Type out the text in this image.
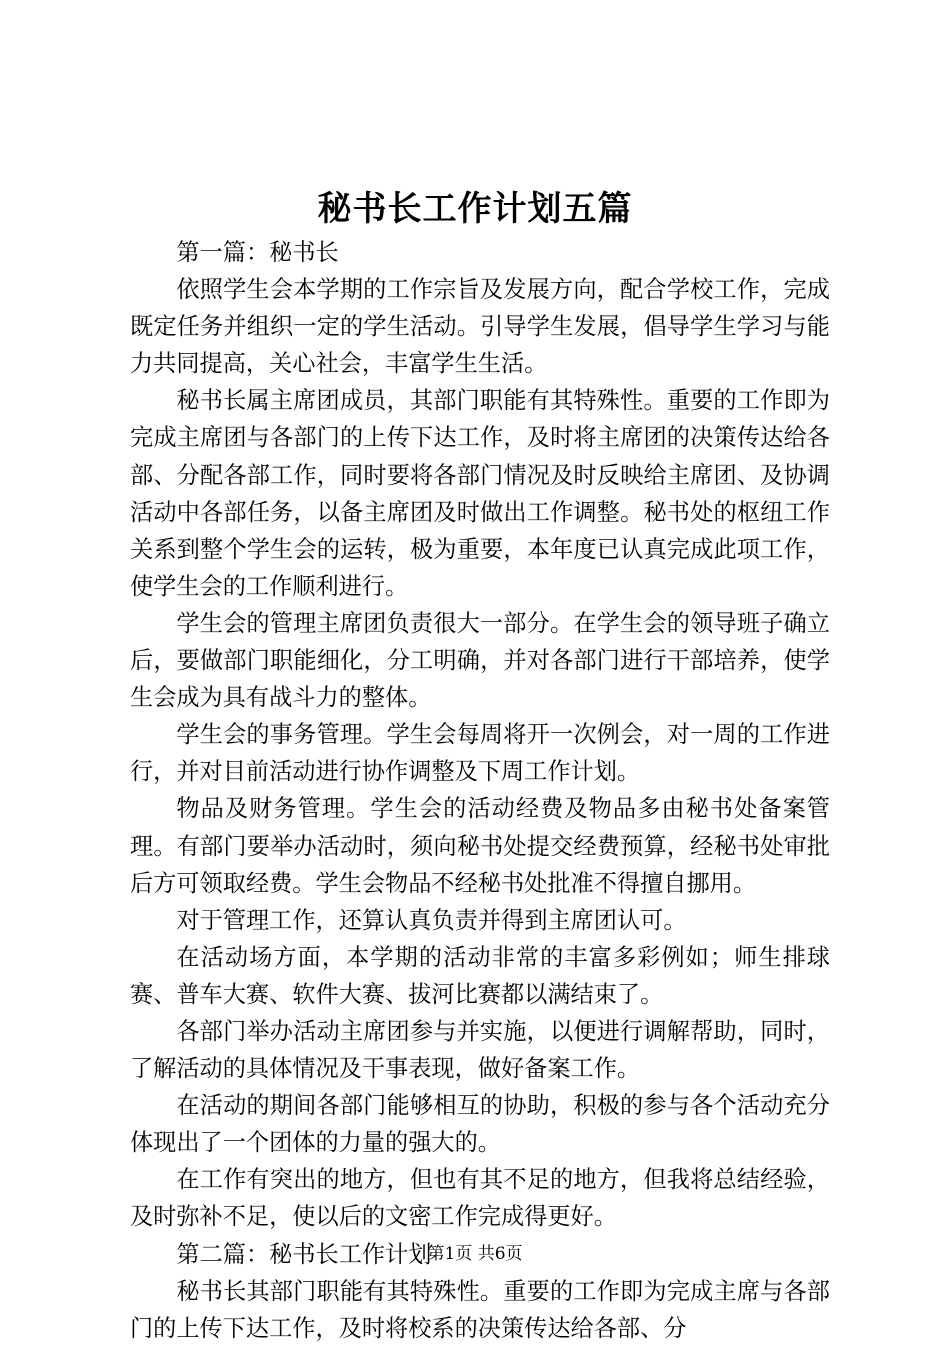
秘书长工作计划五篇

第一篇：秘书长

依照学生会本学期的工作宗旨及发展方向，配合学校工作，完成既定任务并组织一定的学生活动。引导学生发展，倡导学生学习与能力共同提高，关心社会，丰富学生生活。

秘书长属主席团成员，其部门职能有其特殊性。重要的工作即为完成主席团与各部门的上传下达工作，及时将主席团的决策传达给各部、分配各部工作，同时要将各部门情况及时反映给主席团、及协调活动中各部任务，以备主席团及时做出工作调整。秘书处的枢纽工作关系到整个学生会的运转，极为重要，本年度已认真完成此项工作，使学生会的工作顺利进行。

学生会的管理主席团负责很大一部分。在学生会的领导班子确立后，要做部门职能细化，分工明确，并对各部门进行干部培养，使学生会成为具有战斗力的整体。

学生会的事务管理。学生会每周将开一次例会，对一周的工作进行，并对目前活动进行协作调整及下周工作计划。

物品及财务管理。学生会的活动经费及物品多由秘书处备案管理。有部门要举办活动时，须向秘书处提交经费预算，经秘书处审批后方可领取经费。学生会物品不经秘书处批准不得擅自挪用。

对于管理工作，还算认真负责并得到主席团认可。

在活动场方面，本学期的活动非常的丰富多彩例如；师生排球赛、普车大赛、软件大赛、拔河比赛都以满结束了。

各部门举办活动主席团参与并实施，以便进行调解帮助，同时，了解活动的具体情况及干事表现，做好备案工作。

在活动的期间各部门能够相互的协助，积极的参与各个活动充分体现出了一个团体的力量的强大的。

在工作有突出的地方，但也有其不足的地方，但我将总结经验，及时弥补不足，使以后的文密工作完成得更好。

第二篇：秘书长工作计划

秘书长其部门职能有其特殊性。重要的工作即为完成主席与各部门的上传下达工作，及时将校系的决策传达给各部、分

第1页 共6页
